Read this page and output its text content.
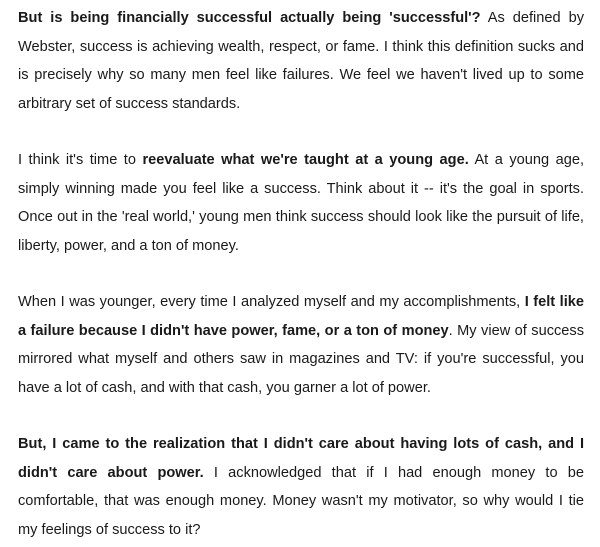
But is being financially successful actually being 'successful'? As defined by Webster, success is achieving wealth, respect, or fame. I think this definition sucks and is precisely why so many men feel like failures. We feel we haven't lived up to some arbitrary set of success standards.

I think it's time to reevaluate what we're taught at a young age. At a young age, simply winning made you feel like a success. Think about it -- it's the goal in sports. Once out in the 'real world,' young men think success should look like the pursuit of life, liberty, power, and a ton of money.

When I was younger, every time I analyzed myself and my accomplishments, I felt like a failure because I didn't have power, fame, or a ton of money. My view of success mirrored what myself and others saw in magazines and TV: if you're successful, you have a lot of cash, and with that cash, you garner a lot of power.

But, I came to the realization that I didn't care about having lots of cash, and I didn't care about power. I acknowledged that if I had enough money to be comfortable, that was enough money. Money wasn't my motivator, so why would I tie my feelings of success to it?
